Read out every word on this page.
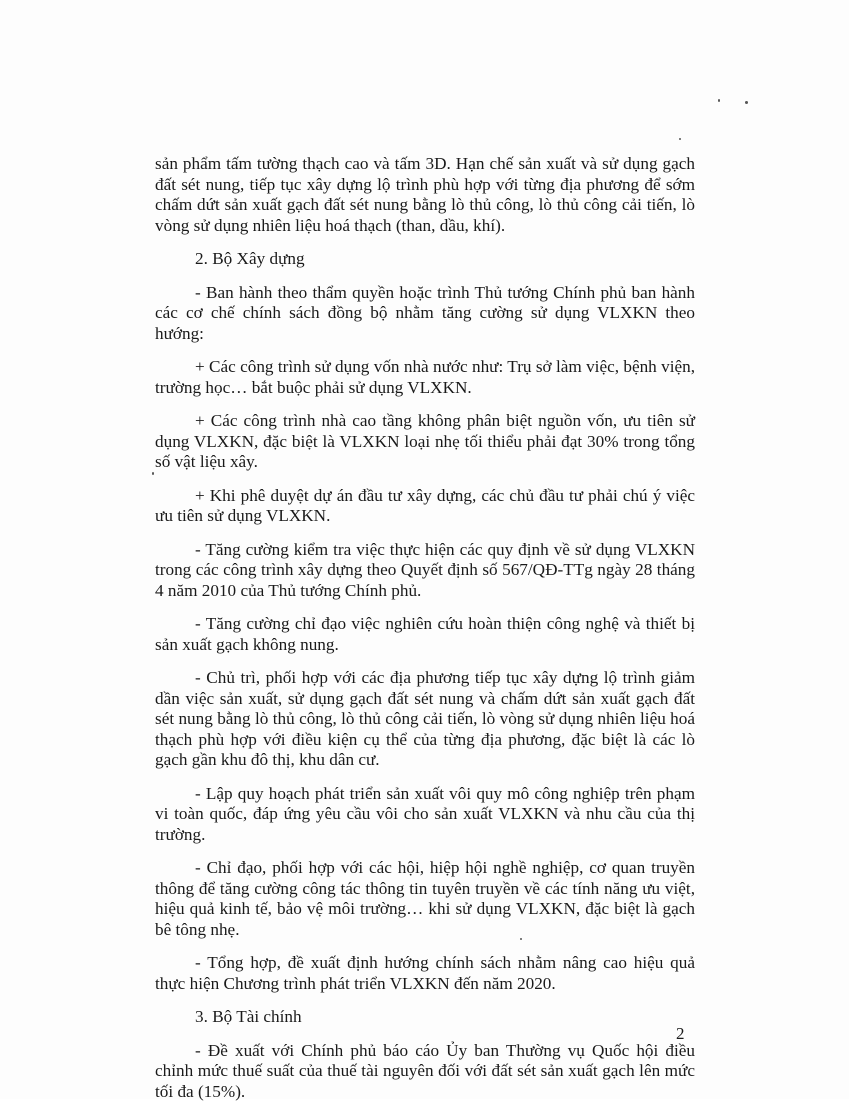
sản phẩm tấm tường thạch cao và tấm 3D. Hạn chế sản xuất và sử dụng gạch đất sét nung, tiếp tục xây dựng lộ trình phù hợp với từng địa phương để sớm chấm dứt sản xuất gạch đất sét nung bằng lò thủ công, lò thủ công cải tiến, lò vòng sử dụng nhiên liệu hoá thạch (than, dầu, khí).

2. Bộ Xây dựng

- Ban hành theo thẩm quyền hoặc trình Thủ tướng Chính phủ ban hành các cơ chế chính sách đồng bộ nhằm tăng cường sử dụng VLXKN theo hướng:

+ Các công trình sử dụng vốn nhà nước như: Trụ sở làm việc, bệnh viện, trường học… bắt buộc phải sử dụng VLXKN.

+ Các công trình nhà cao tầng không phân biệt nguồn vốn, ưu tiên sử dụng VLXKN, đặc biệt là VLXKN loại nhẹ tối thiểu phải đạt 30% trong tổng số vật liệu xây.

+ Khi phê duyệt dự án đầu tư xây dựng, các chủ đầu tư phải chú ý việc ưu tiên sử dụng VLXKN.

- Tăng cường kiểm tra việc thực hiện các quy định về sử dụng VLXKN trong các công trình xây dựng theo Quyết định số 567/QĐ-TTg ngày 28 tháng 4 năm 2010 của Thủ tướng Chính phủ.

- Tăng cường chỉ đạo việc nghiên cứu hoàn thiện công nghệ và thiết bị sản xuất gạch không nung.

- Chủ trì, phối hợp với các địa phương tiếp tục xây dựng lộ trình giảm dần việc sản xuất, sử dụng gạch đất sét nung và chấm dứt sản xuất gạch đất sét nung bằng lò thủ công, lò thủ công cải tiến, lò vòng sử dụng nhiên liệu hoá thạch phù hợp với điều kiện cụ thể của từng địa phương, đặc biệt là các lò gạch gần khu đô thị, khu dân cư.

- Lập quy hoạch phát triển sản xuất vôi quy mô công nghiệp trên phạm vi toàn quốc, đáp ứng yêu cầu vôi cho sản xuất VLXKN và nhu cầu của thị trường.

- Chỉ đạo, phối hợp với các hội, hiệp hội nghề nghiệp, cơ quan truyền thông để tăng cường công tác thông tin tuyên truyền về các tính năng ưu việt, hiệu quả kinh tế, bảo vệ môi trường… khi sử dụng VLXKN, đặc biệt là gạch bê tông nhẹ.

- Tổng hợp, đề xuất định hướng chính sách nhằm nâng cao hiệu quả thực hiện Chương trình phát triển VLXKN đến năm 2020.

3. Bộ Tài chính

- Đề xuất với Chính phủ báo cáo Ủy ban Thường vụ Quốc hội điều chỉnh mức thuế suất của thuế tài nguyên đối với đất sét sản xuất gạch lên mức tối đa (15%).

2
